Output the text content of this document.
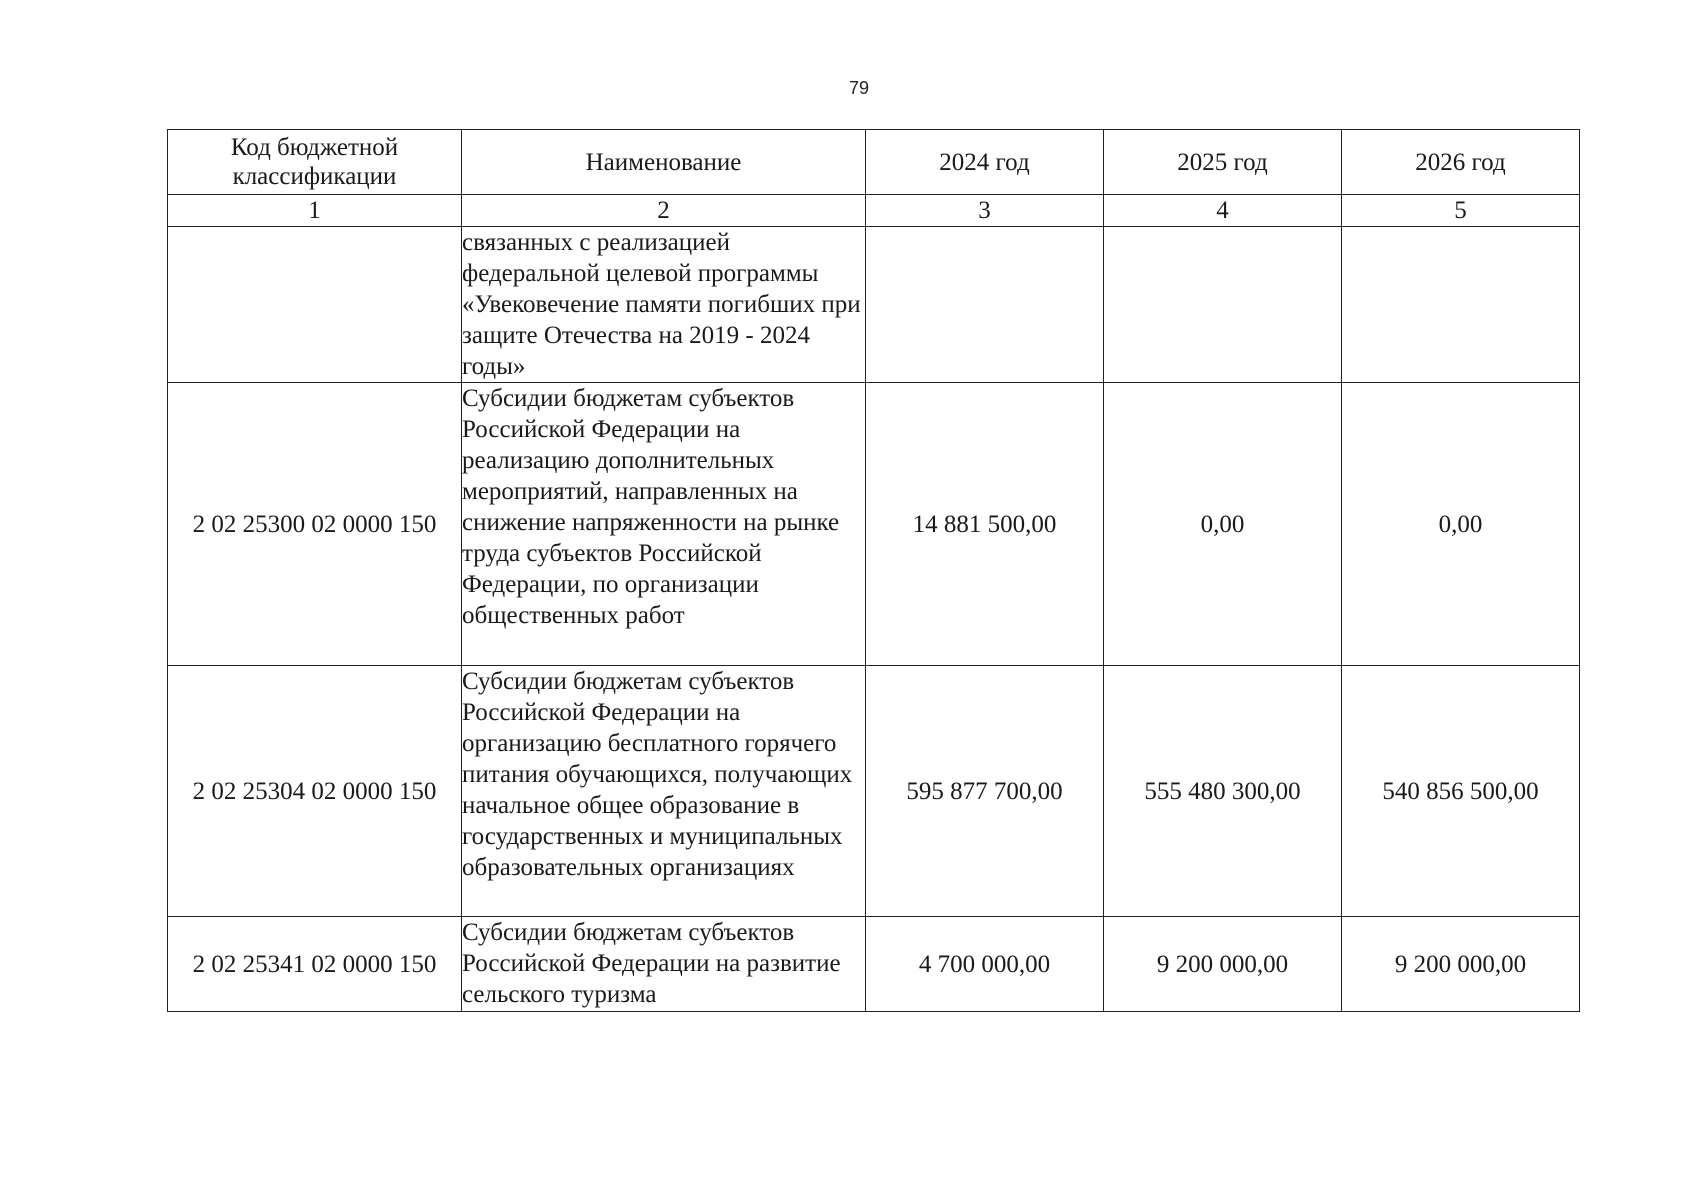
79
Код бюджетной классификации	Наименование	2024 год	2025 год	2026 год
1	2	3	4	5
	связанных с реализацией федеральной целевой программы «Увековечение памяти погибших при защите Отечества на 2019 - 2024 годы»			
2 02 25300 02 0000 150	Субсидии бюджетам субъектов Российской Федерации на реализацию дополнительных мероприятий, направленных на снижение напряженности на рынке труда субъектов Российской Федерации, по организации общественных работ	14 881 500,00	0,00	0,00
2 02 25304 02 0000 150	Субсидии бюджетам субъектов Российской Федерации на организацию бесплатного горячего питания обучающихся, получающих начальное общее образование в государственных и муниципальных образовательных организациях	595 877 700,00	555 480 300,00	540 856 500,00
2 02 25341 02 0000 150	Субсидии бюджетам субъектов Российской Федерации на развитие сельского туризма	4 700 000,00	9 200 000,00	9 200 000,00
